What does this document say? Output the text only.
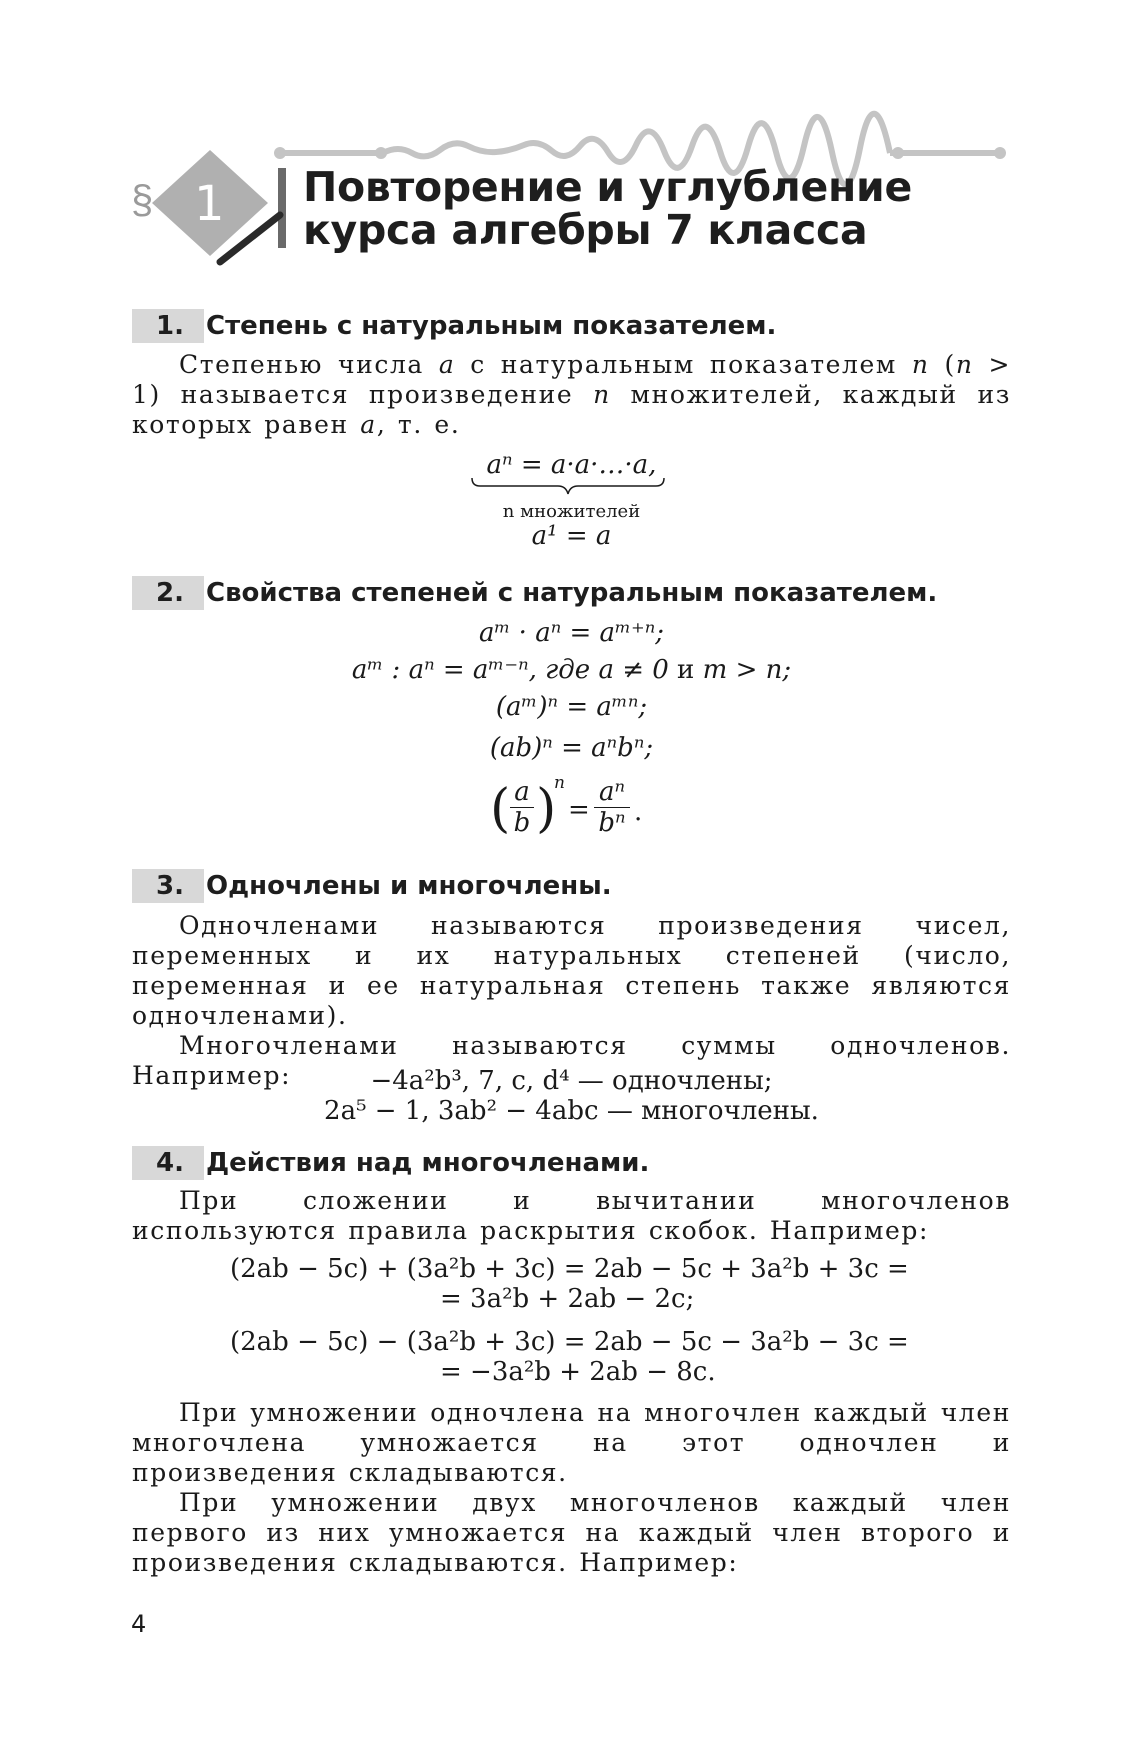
§ 1 Повторение и углубление
курса алгебры 7 класса
1. Степень с натуральным показателем.

Степенью числа a с натуральным показателем n (n > 1) называется произведение n множителей, каждый из которых равен a, т. е.

aⁿ = a·a·…·a,
n множителей
a¹ = a
2. Свойства степеней с натуральным показателем.
aᵐ · aⁿ = aᵐ⁺ⁿ;
aᵐ : aⁿ = aᵐ⁻ⁿ, где a ≠ 0 и m > n;
(aᵐ)ⁿ = aᵐⁿ;
(ab)ⁿ = aⁿbⁿ;
( a
b )
n
=
aⁿ
bⁿ .
3. Одночлены и многочлены.

Одночленами называются произведения чисел, переменных и их натуральных степеней (число, переменная и ее натуральная степень также являются одночленами).

Многочленами называются суммы одночленов. Например:	−4a²b³, 7, c, d⁴ — одночлены;
2a⁵ − 1, 3ab² − 4abc — многочлены.
4. Действия над многочленами.

При сложении и вычитании многочленов используются правила раскрытия скобок. Например:

(2ab − 5c) + (3a²b + 3c) = 2ab − 5c + 3a²b + 3c =
= 3a²b + 2ab − 2c;
(2ab − 5c) − (3a²b + 3c) = 2ab − 5c − 3a²b − 3c =
= −3a²b + 2ab − 8c.

При умножении одночлена на многочлен каждый член многочлена умножается на этот одночлен и произведения складываются.

При умножении двух многочленов каждый член первого из них умножается на каждый член второго и произведения складываются. Например:

4
